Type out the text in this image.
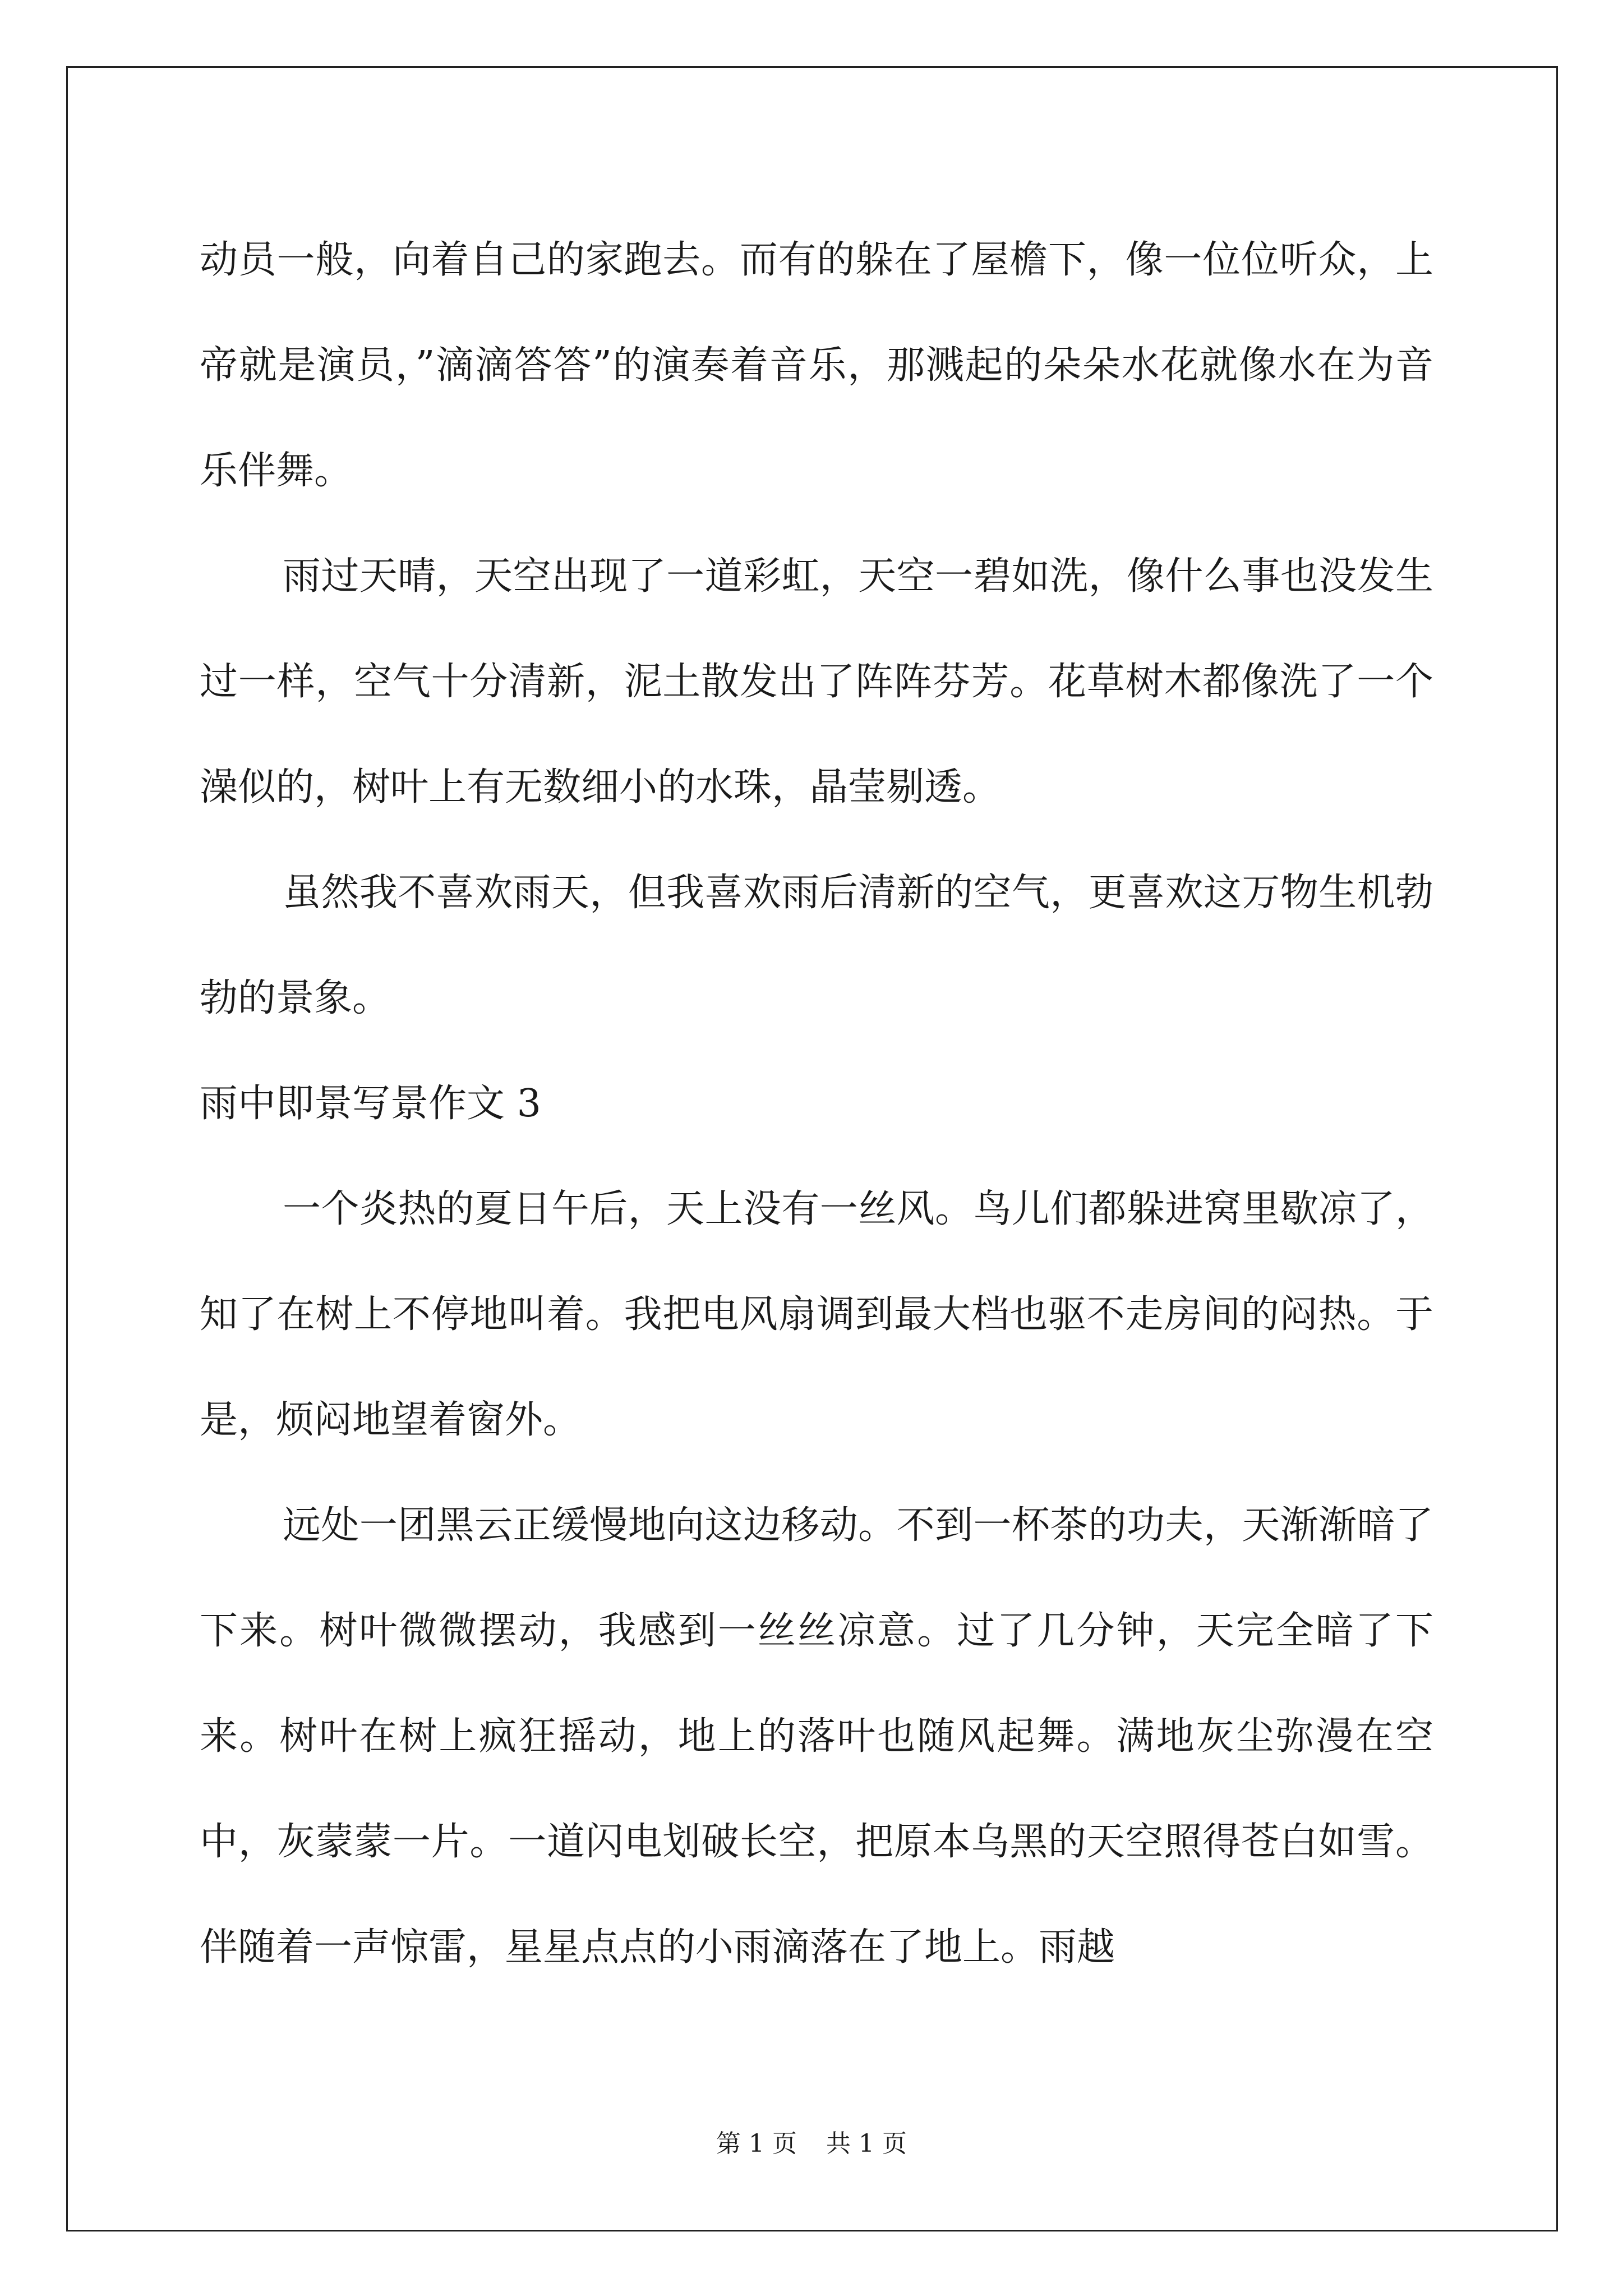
动员一般，向着自己的家跑去。而有的躲在了屋檐下，像一位位听众，上帝就是演员，”滴滴答答”的演奏着音乐，那溅起的朵朵水花就像水在为音乐伴舞。

雨过天晴，天空出现了一道彩虹，天空一碧如洗，像什么事也没发生过一样，空气十分清新，泥土散发出了阵阵芬芳。花草树木都像洗了一个澡似的，树叶上有无数细小的水珠，晶莹剔透。

虽然我不喜欢雨天，但我喜欢雨后清新的空气，更喜欢这万物生机勃勃的景象。

雨中即景写景作文 3

一个炎热的夏日午后，天上没有一丝风。鸟儿们都躲进窝里歇凉了，知了在树上不停地叫着。我把电风扇调到最大档也驱不走房间的闷热。于是，烦闷地望着窗外。

远处一团黑云正缓慢地向这边移动。不到一杯茶的功夫，天渐渐暗了下来。树叶微微摆动，我感到一丝丝凉意。过了几分钟，天完全暗了下来。树叶在树上疯狂摇动，地上的落叶也随风起舞。满地灰尘弥漫在空中，灰蒙蒙一片。一道闪电划破长空，把原本乌黑的天空照得苍白如雪。伴随着一声惊雷，星星点点的小雨滴落在了地上。雨越

第 1 页 共 1 页
